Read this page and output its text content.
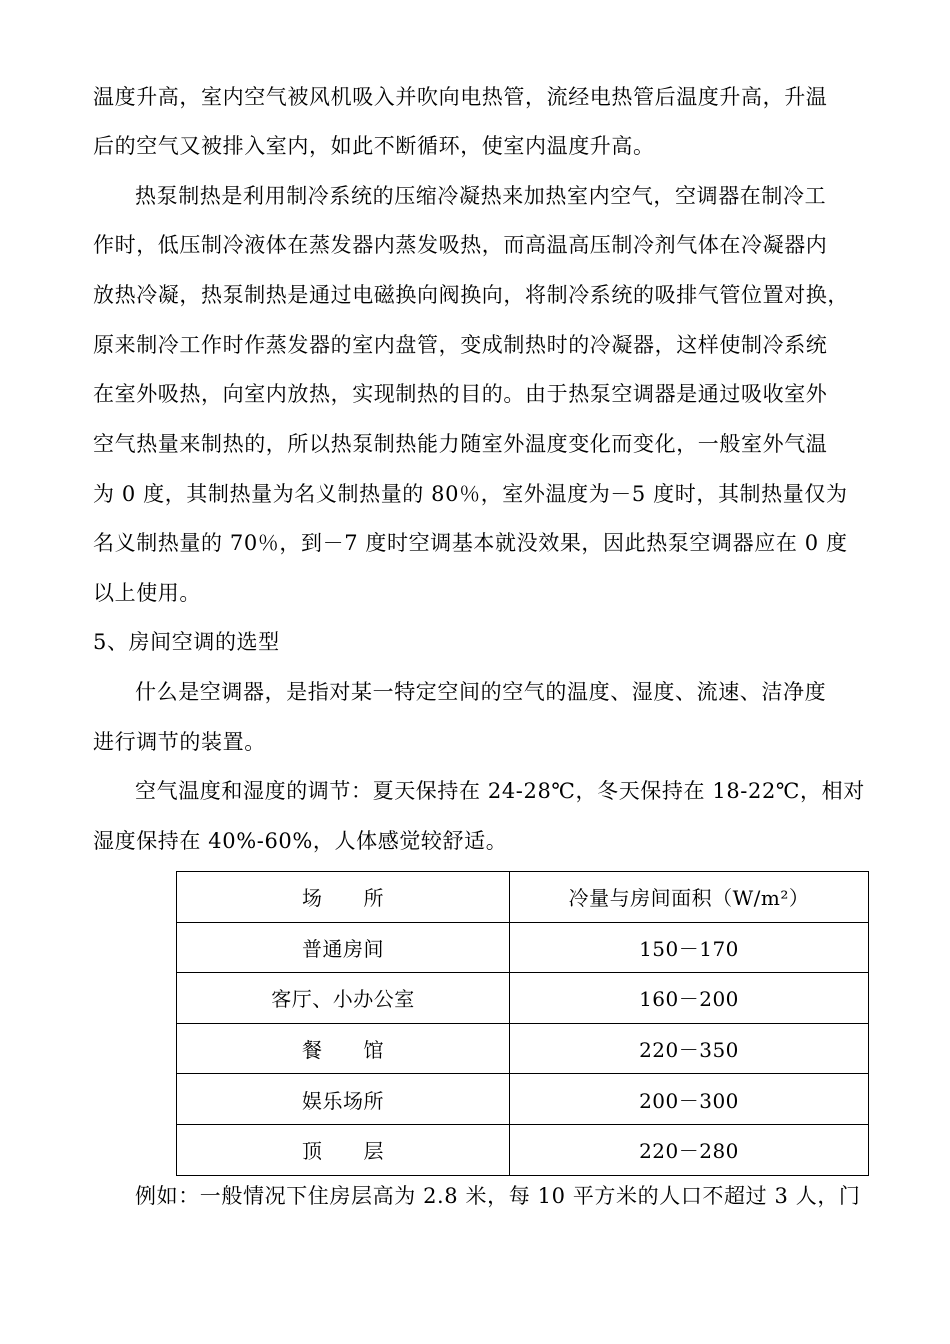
温度升高，室内空气被风机吸入并吹向电热管，流经电热管后温度升高，升温
后的空气又被排入室内，如此不断循环，使室内温度升高。
热泵制热是利用制冷系统的压缩冷凝热来加热室内空气，空调器在制冷工
作时，低压制冷液体在蒸发器内蒸发吸热，而高温高压制冷剂气体在冷凝器内
放热冷凝，热泵制热是通过电磁换向阀换向，将制冷系统的吸排气管位置对换，
原来制冷工作时作蒸发器的室内盘管，变成制热时的冷凝器，这样使制冷系统
在室外吸热，向室内放热，实现制热的目的。由于热泵空调器是通过吸收室外
空气热量来制热的，所以热泵制热能力随室外温度变化而变化，一般室外气温
为 0 度，其制热量为名义制热量的 80％，室外温度为－5 度时，其制热量仅为
名义制热量的 70％，到－7 度时空调基本就没效果，因此热泵空调器应在 0 度
以上使用。
5、房间空调的选型
什么是空调器，是指对某一特定空间的空气的温度、湿度、流速、洁净度
进行调节的装置。
空气温度和湿度的调节：夏天保持在 24-28℃，冬天保持在 18-22℃，相对
湿度保持在 40%-60%，人体感觉较舒适。
场　　所	冷量与房间面积（W/m²）
普通房间	150－170
客厅、小办公室	160－200
餐　　馆	220－350
娱乐场所	200－300
顶　　层	220－280
例如：一般情况下住房层高为 2.8 米，每 10 平方米的人口不超过 3 人，门
